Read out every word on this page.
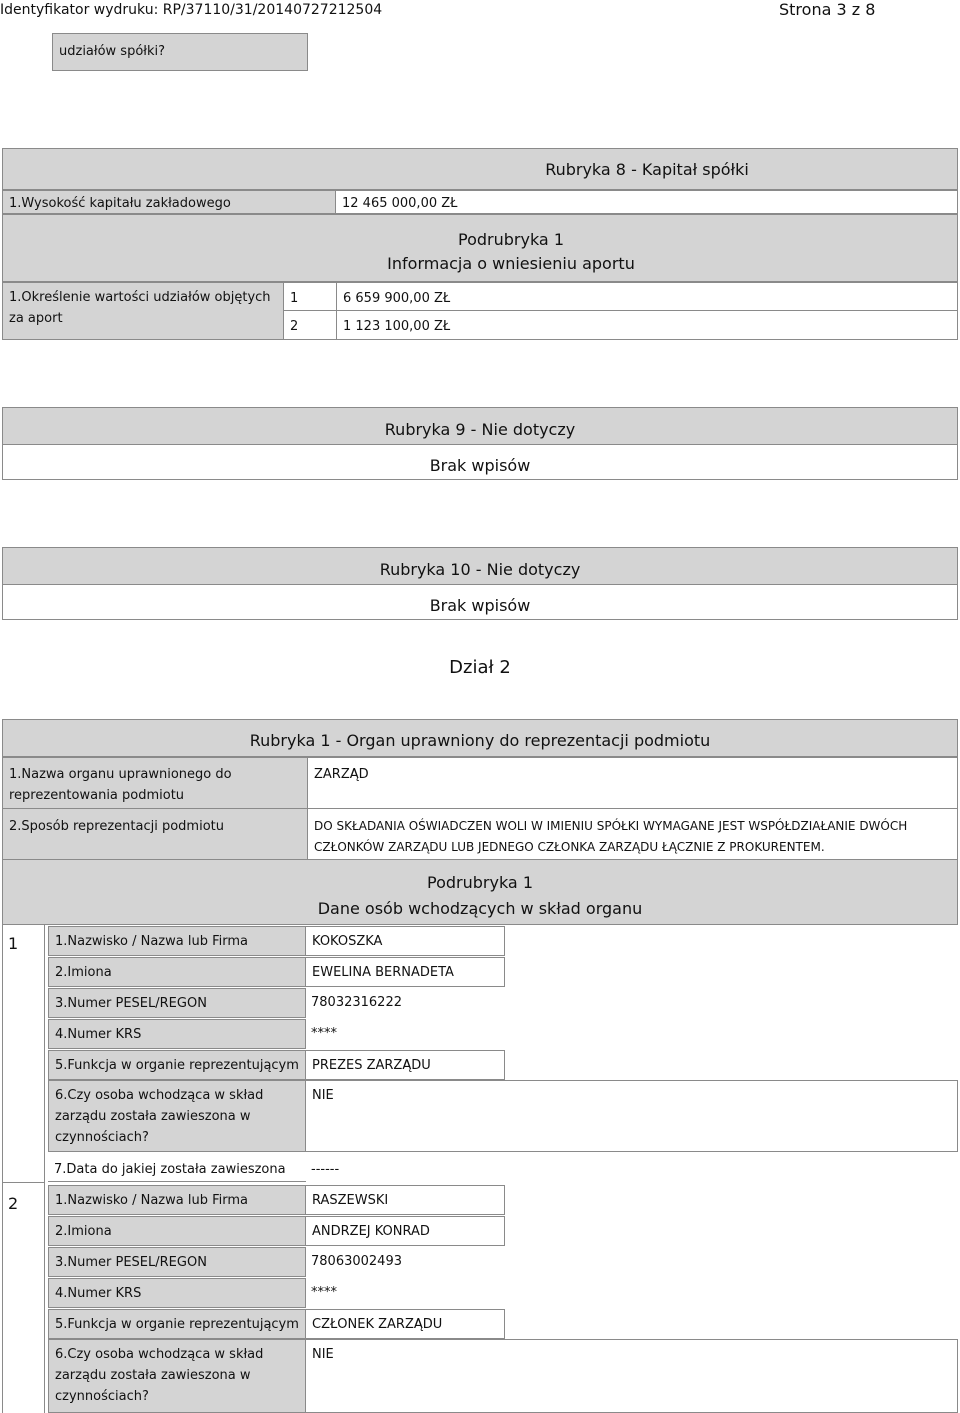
Identyfikator wydruku: RP/37110/31/20140727212504	Strona 3 z 8
udziałów spółki?
Rubryka 8 - Kapitał spółki
1.Wysokość kapitału zakładowego	12 465 000,00 ZŁ
Podrubryka 1
Informacja o wniesieniu aportu
1.Określenie wartości udziałów objętych za aport
1	6 659 900,00 ZŁ
2	1 123 100,00 ZŁ
Rubryka 9 - Nie dotyczy
Brak wpisów
Rubryka 10 - Nie dotyczy
Brak wpisów
Dział 2
Rubryka 1 - Organ uprawniony do reprezentacji podmiotu
1.Nazwa organu uprawnionego do reprezentowania podmiotu
ZARZĄD
2.Sposób reprezentacji podmiotu	DO SKŁADANIA OŚWIADCZEN WOLI W IMIENIU SPÓŁKI WYMAGANE JEST WSPÓŁDZIAŁANIE DWÓCH CZŁONKÓW ZARZĄDU LUB JEDNEGO CZŁONKA ZARZĄDU ŁĄCZNIE Z PROKURENTEM.
Podrubryka 1
Dane osób wchodzących w skład organu
1	1.Nazwisko / Nazwa lub Firma	KOKOSZKA
2.Imiona	EWELINA BERNADETA
3.Numer PESEL/REGON	78032316222
4.Numer KRS	****
5.Funkcja w organie reprezentującym	PREZES ZARZĄDU
6.Czy osoba wchodząca w skład zarządu została zawieszona w czynnościach?
NIE
7.Data do jakiej została zawieszona	------
2	1.Nazwisko / Nazwa lub Firma	RASZEWSKI
2.Imiona	ANDRZEJ KONRAD
3.Numer PESEL/REGON	78063002493
4.Numer KRS	****
5.Funkcja w organie reprezentującym	CZŁONEK ZARZĄDU
6.Czy osoba wchodząca w skład zarządu została zawieszona w czynnościach?
NIE
